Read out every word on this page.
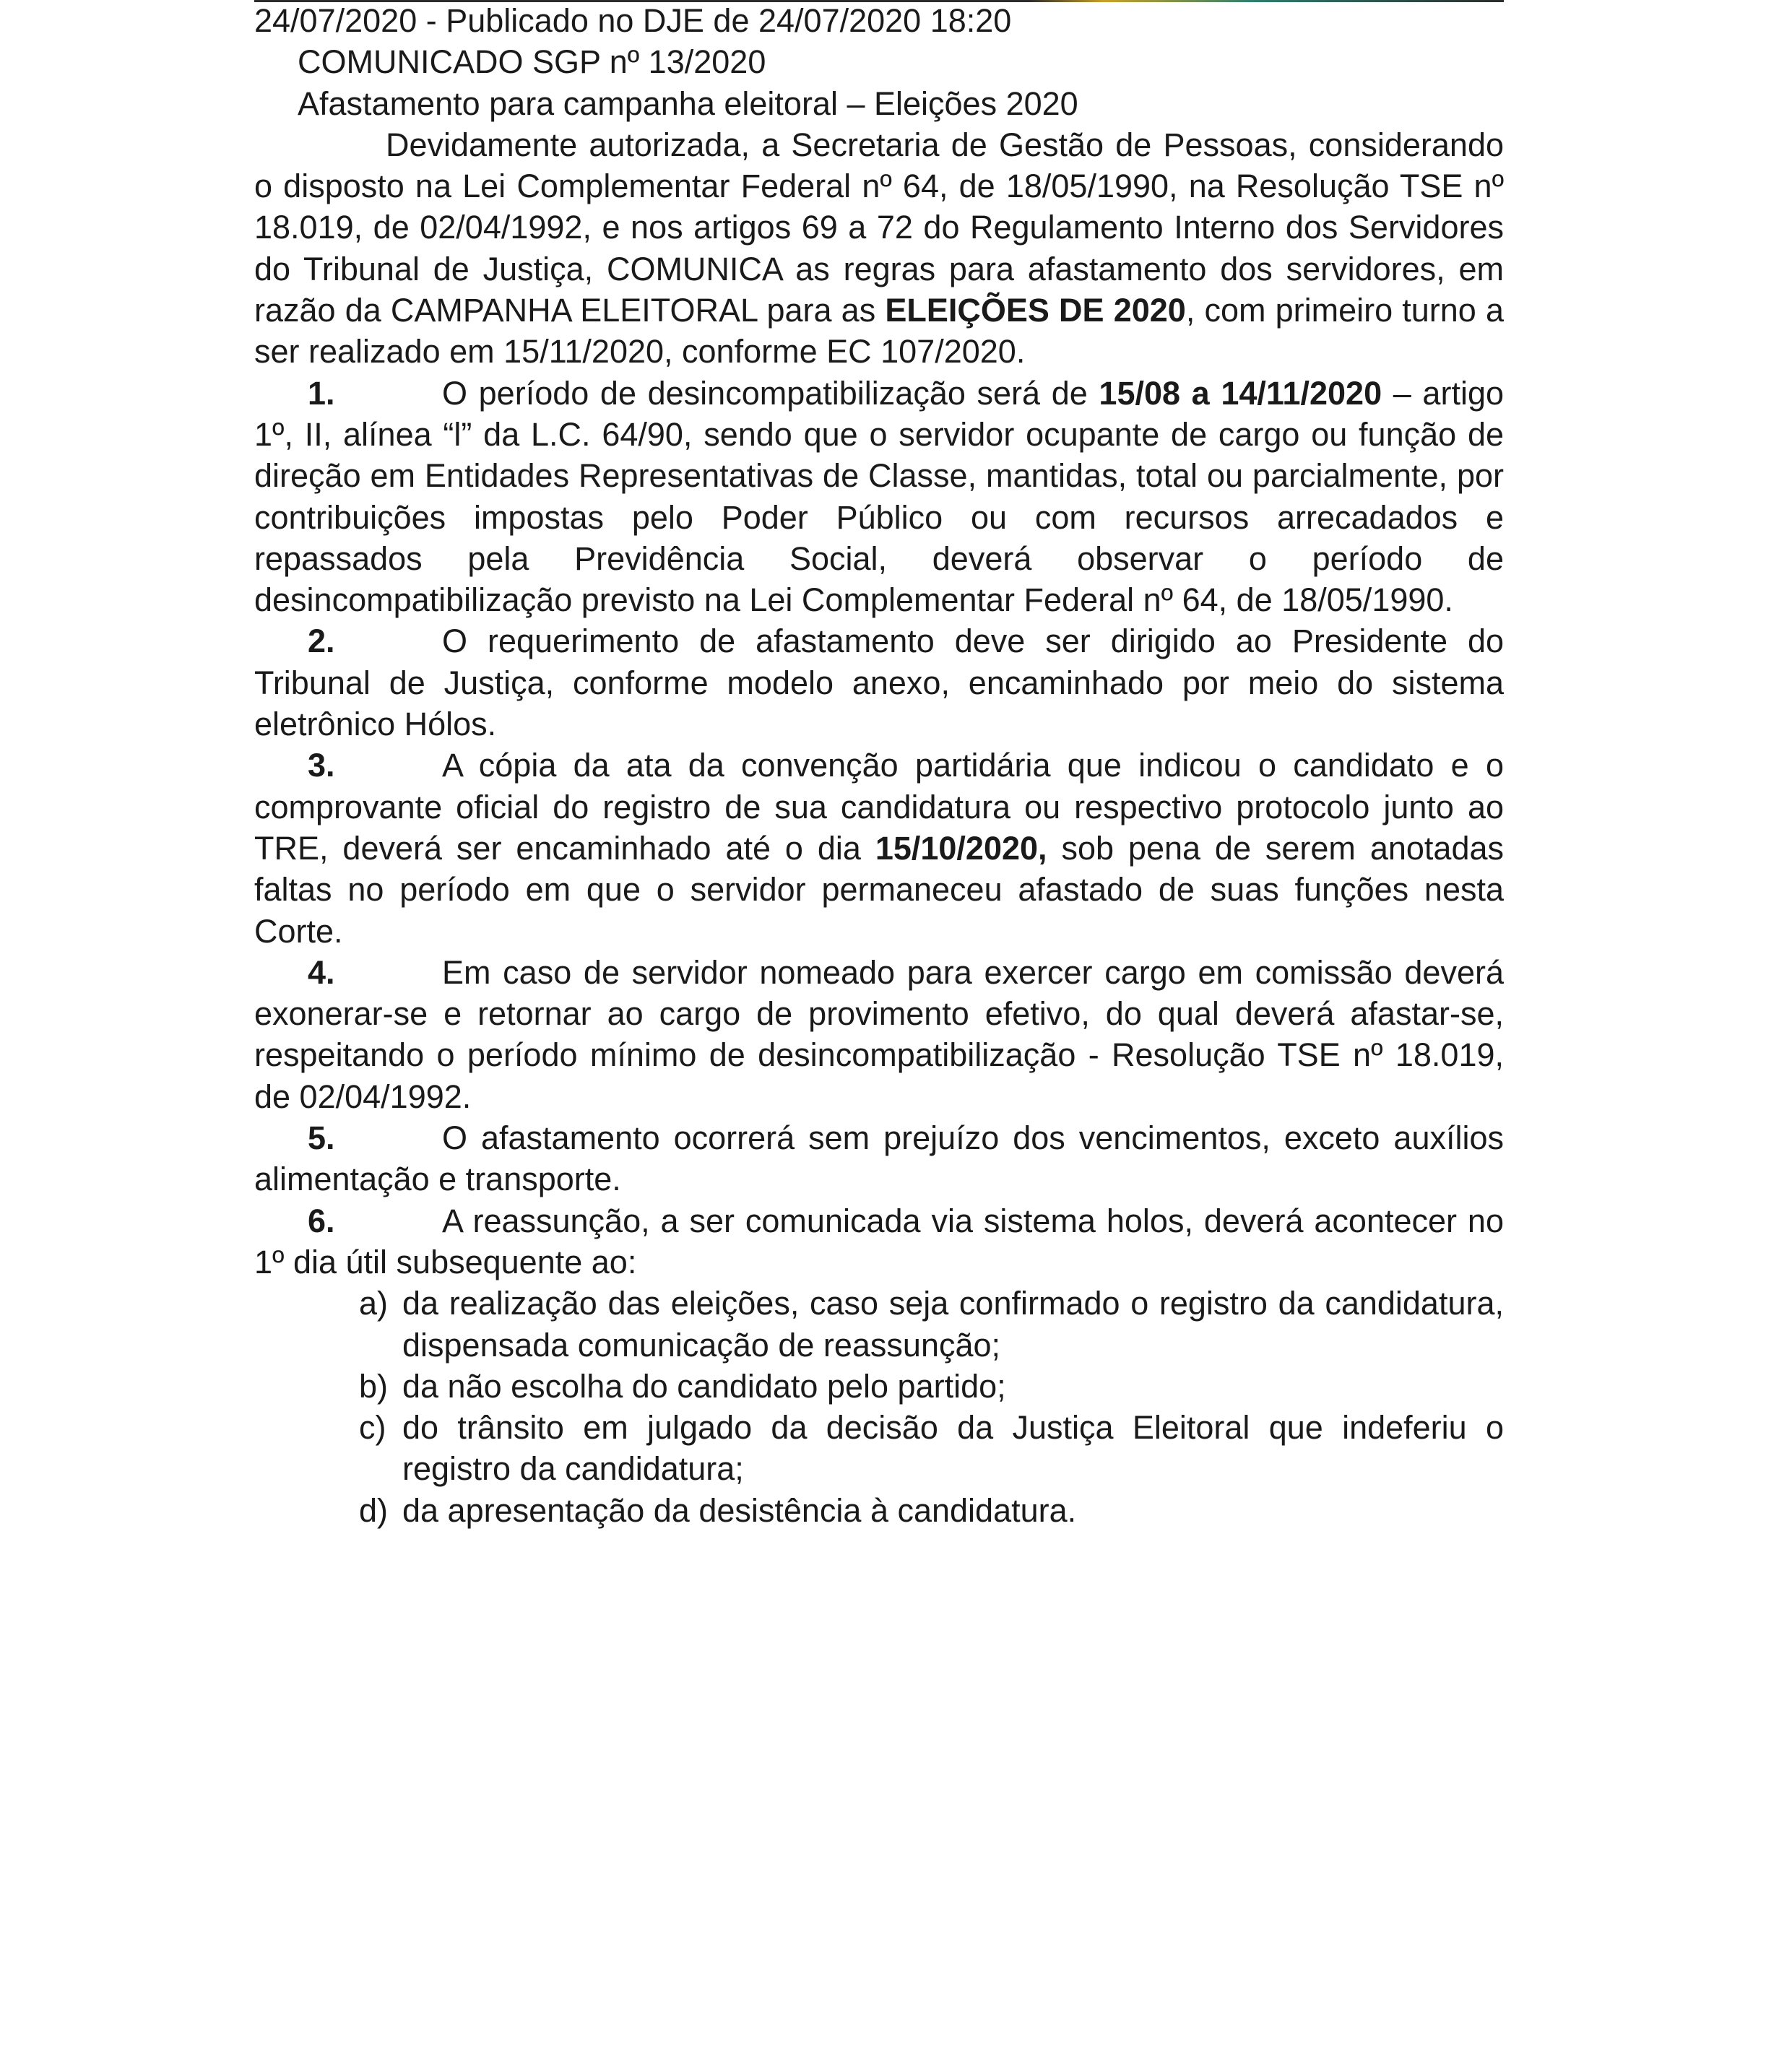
24/07/2020 - Publicado no DJE de 24/07/2020 18:20

COMUNICADO SGP nº 13/2020

Afastamento para campanha eleitoral – Eleições 2020

Devidamente autorizada, a Secretaria de Gestão de Pessoas, considerando o disposto na Lei Complementar Federal nº 64, de 18/05/1990, na Resolução TSE nº 18.019, de 02/04/1992, e nos artigos 69 a 72 do Regulamento Interno dos Servidores do Tribunal de Justiça, COMUNICA as regras para afastamento dos servidores, em razão da CAMPANHA ELEITORAL para as ELEIÇÕES DE 2020, com primeiro turno a ser realizado em 15/11/2020, conforme EC 107/2020.

1.	O período de desincompatibilização será de 15/08 a 14/11/2020 – artigo 1º, II, alínea “l” da L.C. 64/90, sendo que o servidor ocupante de cargo ou função de direção em Entidades Representativas de Classe, mantidas, total ou parcialmente, por contribuições impostas pelo Poder Público ou com recursos arrecadados e repassados pela Previdência Social, deverá observar o período de desincompatibilização previsto na Lei Complementar Federal nº 64, de 18/05/1990.

2.	O requerimento de afastamento deve ser dirigido ao Presidente do Tribunal de Justiça, conforme modelo anexo, encaminhado por meio do sistema eletrônico Hólos.

3.	A cópia da ata da convenção partidária que indicou o candidato e o comprovante oficial do registro de sua candidatura ou respectivo protocolo junto ao TRE, deverá ser encaminhado até o dia 15/10/2020, sob pena de serem anotadas faltas no período em que o servidor permaneceu afastado de suas funções nesta Corte.

4.	Em caso de servidor nomeado para exercer cargo em comissão deverá exonerar-se e retornar ao cargo de provimento efetivo, do qual deverá afastar-se, respeitando o período mínimo de desincompatibilização - Resolução TSE nº 18.019, de 02/04/1992.

5.	O afastamento ocorrerá sem prejuízo dos vencimentos, exceto auxílios alimentação e transporte.

6.	A reassunção, a ser comunicada via sistema holos, deverá acontecer no 1º dia útil subsequente ao:

a) da realização das eleições, caso seja confirmado o registro da candidatura, dispensada comunicação de reassunção;
b) da não escolha do candidato pelo partido;
c) do trânsito em julgado da decisão da Justiça Eleitoral que indeferiu o registro da candidatura;
d) da apresentação da desistência à candidatura.
